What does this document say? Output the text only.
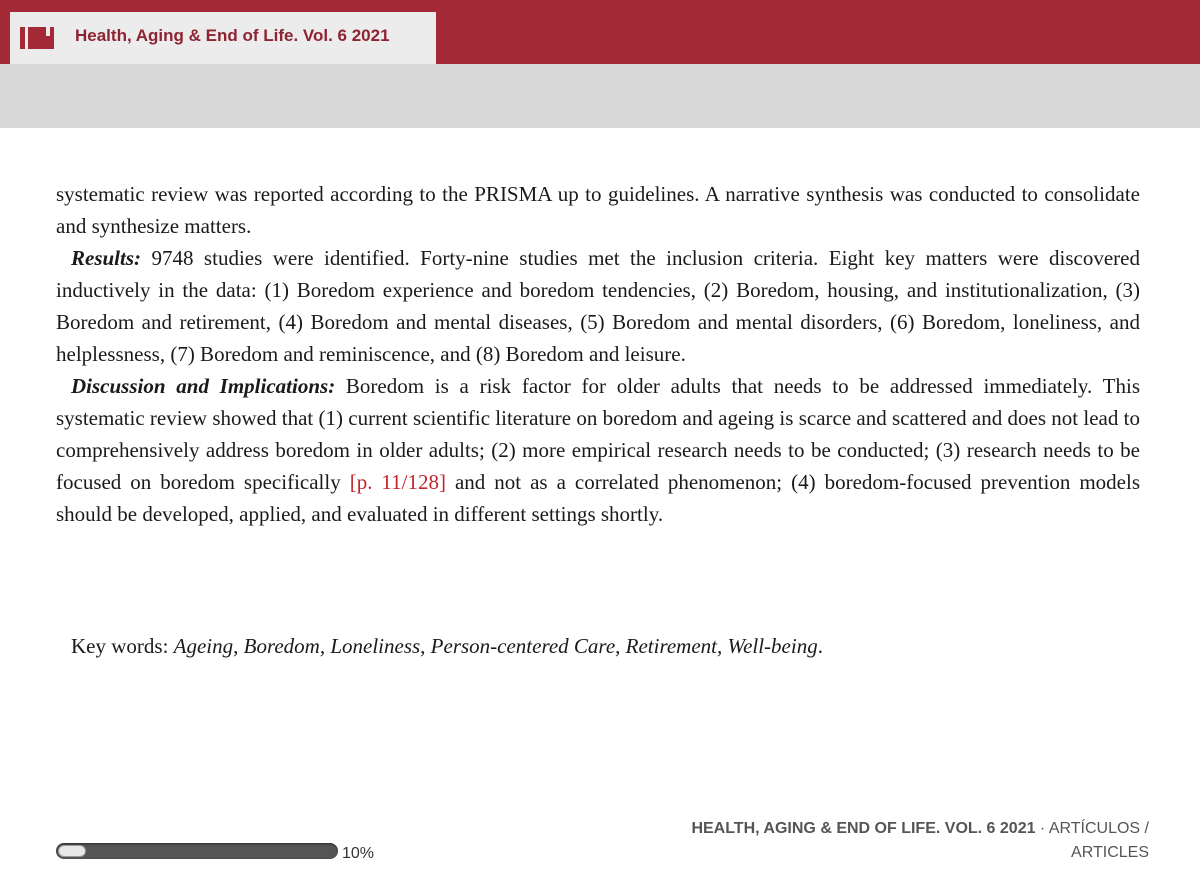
Health, Aging & End of Life. Vol. 6 2021

systematic review was reported according to the PRISMA up to guidelines. A narrative synthesis was conducted to consolidate and synthesize matters.

Results: 9748 studies were identified. Forty-nine studies met the inclusion criteria. Eight key matters were discovered inductively in the data: (1) Boredom experience and boredom tendencies, (2) Boredom, housing, and institutionalization, (3) Boredom and retirement, (4) Boredom and mental diseases, (5) Boredom and mental disorders, (6) Boredom, loneliness, and helplessness, (7) Boredom and reminiscence, and (8) Boredom and leisure.

Discussion and Implications: Boredom is a risk factor for older adults that needs to be addressed immediately. This systematic review showed that (1) current scientific literature on boredom and ageing is scarce and scattered and does not lead to comprehensively address boredom in older adults; (2) more empirical research needs to be conducted; (3) research needs to be focused on boredom specifically [p. 11/128] and not as a correlated phenomenon; (4) boredom-focused prevention models should be developed, applied, and evaluated in different settings shortly.

Key words: Ageing, Boredom, Loneliness, Person-centered Care, Retirement, Well-being.

10%
HEALTH, AGING & END OF LIFE. VOL. 6 2021 · ARTÍCULOS / ARTICLES
